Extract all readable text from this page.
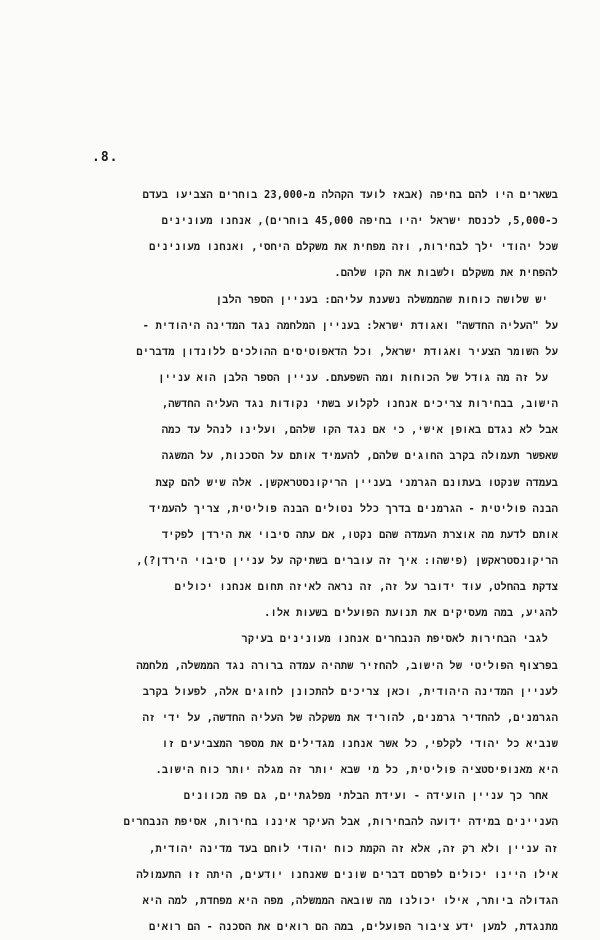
.8.
בשארים היו להם בחיפה (אבאז לועד הקהלה מ-23,000 בוחרים הצביעו בעדם
כ-5,000, לכנסת ישראל יהיו בחיפה 45,000 בוחרים), אנחנו מעונינים
שכל יהודי ילך לבחירות, וזה מפחית את משקלם היחסי, ואנחנו מעונינים
להפחית את משקלם ולשבות את הקו שלהם.
יש שלושה כוחות שהממשלה נשענת עליהם: בעניין הספר הלבן
על "העליה החדשה" ואגודת ישראל: בעניין המלחמה נגד המדינה היהודית -
על השומר הצעיר ואגודת ישראל, וכל הדאפוטיסים ההולכים ללונדון מדברים
על זה מה גודל של הכוחות ומה השפעתם. עניין הספר הלבן הוא עניין
הישוב, בבחירות צריכים אנחנו לקלוע בשתי נקודות נגד העליה החדשה,
אבל לא נגדם באופן אישי, כי אם נגד הקו שלהם, ועלינו לנהל עד כמה
שאפשר תעמולה בקרב החוגים שלהם, להעמיד אותם על הסכנות, על המשגה
בעמדה שנקטו בעתונם הגרמני בעניין הריקונסטראקשן. אלה שיש להם קצת
הבנה פוליטית - הגרמנים בדרך כלל נטולים הבנה פוליטית, צריך להעמיד
אותם לדעת מה אוצרת העמדה שהם נקטו, אם עתה סיבוי את הירדן לפקיד
הריקונסטראקשן (פישהו: איך זה עוברים בשתיקה על עניין סיבוי הירדן?),
צדקת בהחלט, עוד ידובר על זה, זה נראה לאיזה תחום אנחנו יכולים
להגיע, במה מעסיקים את תנועת הפועלים בשעות אלו.
לגבי הבחירות לאסיפת הנבחרים אנחנו מעונינים בעיקר
בפרצוף הפוליטי של הישוב, להחזיר שתהיה עמדה ברורה נגד הממשלה, מלחמה
לעניין המדינה היהודית, וכאן צריכים להתכונן לחוגים אלה, לפעול בקרב
הגרמנים, להחדיר גרמנים, להוריד את משקלה של העליה החדשה, על ידי זה
שנביא כל יהודי לקלפי, כל אשר אנחנו מגדילים את מספר המצביעים זו
היא מאנופיסטציה פוליטית, כל מי שבא יותר זה מגלה יותר כוח הישוב.
אחר כך עניין הועידה - ועידת הבלתי מפלגתיים, גם פה מכוונים
העניינים במידה ידועה להבחירות, אבל העיקר איננו בחירות, אסיפת הנבחרים
זה עניין ולא רק זה, אלא זה הקמת כוח יהודי לוחם בעד מדינה יהודית,
אילו היינו יכולים לפרסם דברים שונים שאנחנו יודעים, היתה זו התעמולה
הגדולה ביותר, אילו יכולנו מה שובאה הממשלה, מפה היא מפחדת, למה היא
מתנגדת, למען ידע ציבור הפועלים, במה הם רואים את הסכנה - הם רואים
